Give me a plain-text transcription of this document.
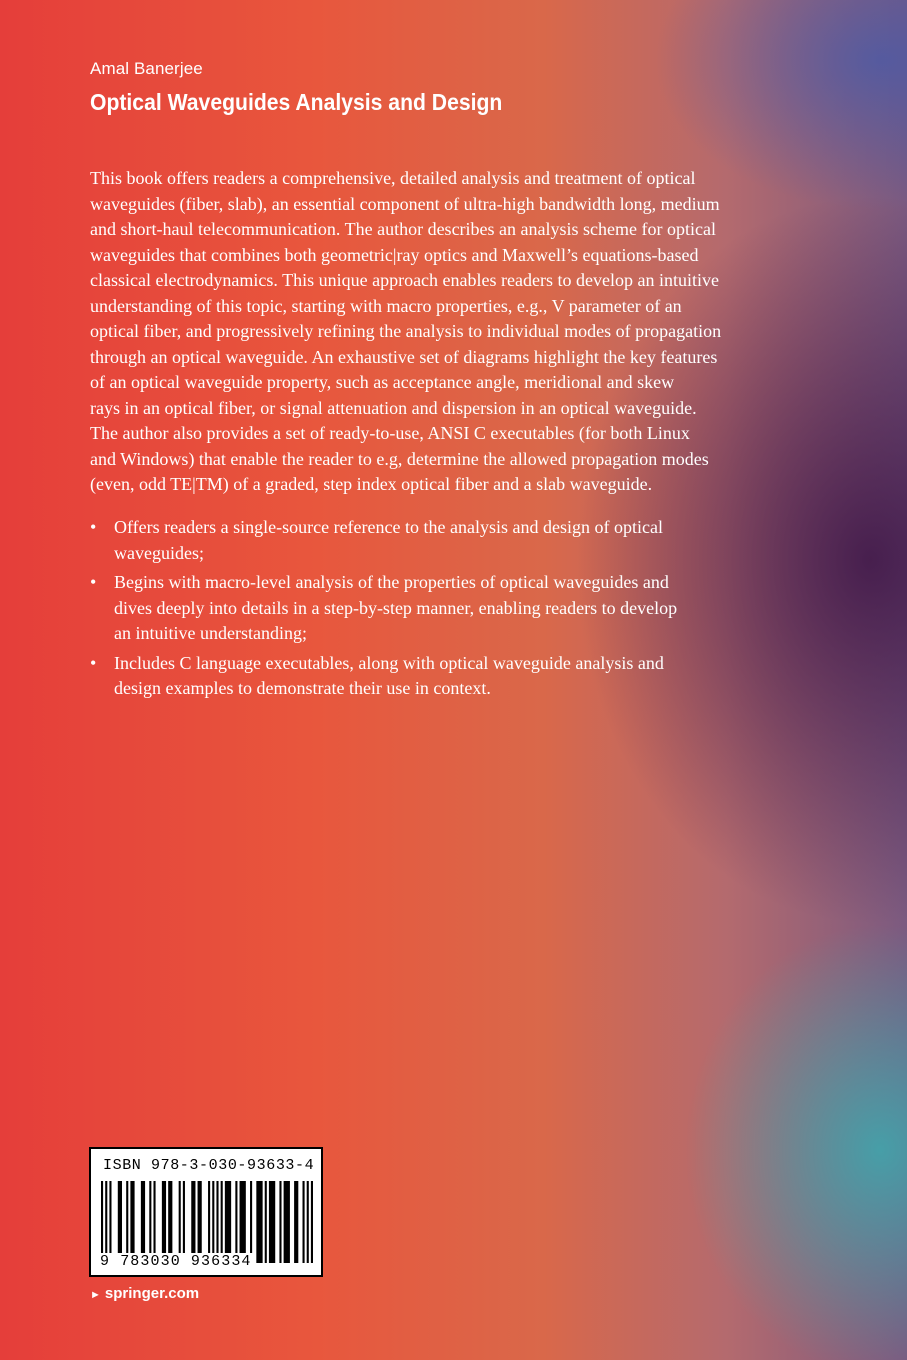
Amal Banerjee
Optical Waveguides Analysis and Design
This book offers readers a comprehensive, detailed analysis and treatment of optical
waveguides (fiber, slab), an essential component of ultra-high bandwidth long, medium
and short-haul telecommunication. The author describes an analysis scheme for optical
waveguides that combines both geometric|ray optics and Maxwell’s equations-based
classical electrodynamics. This unique approach enables readers to develop an intuitive
understanding of this topic, starting with macro properties, e.g., V parameter of an
optical fiber, and progressively refining the analysis to individual modes of propagation
through an optical waveguide. An exhaustive set of diagrams highlight the key features
of an optical waveguide property, such as acceptance angle, meridional and skew
rays in an optical fiber, or signal attenuation and dispersion in an optical waveguide.
The author also provides a set of ready-to-use, ANSI C executables (for both Linux
and Windows) that enable the reader to e.g, determine the allowed propagation modes
(even, odd TE|TM) of a graded, step index optical fiber and a slab waveguide.
• Offers readers a single-source reference to the analysis and design of optical
waveguides;
• Begins with macro-level analysis of the properties of optical waveguides and
dives deeply into details in a step-by-step manner, enabling readers to develop
an intuitive understanding;
• Includes C language executables, along with optical waveguide analysis and
design examples to demonstrate their use in context.
ISBN 978-3-030-93633-4
9 783030 936334
► springer.com
